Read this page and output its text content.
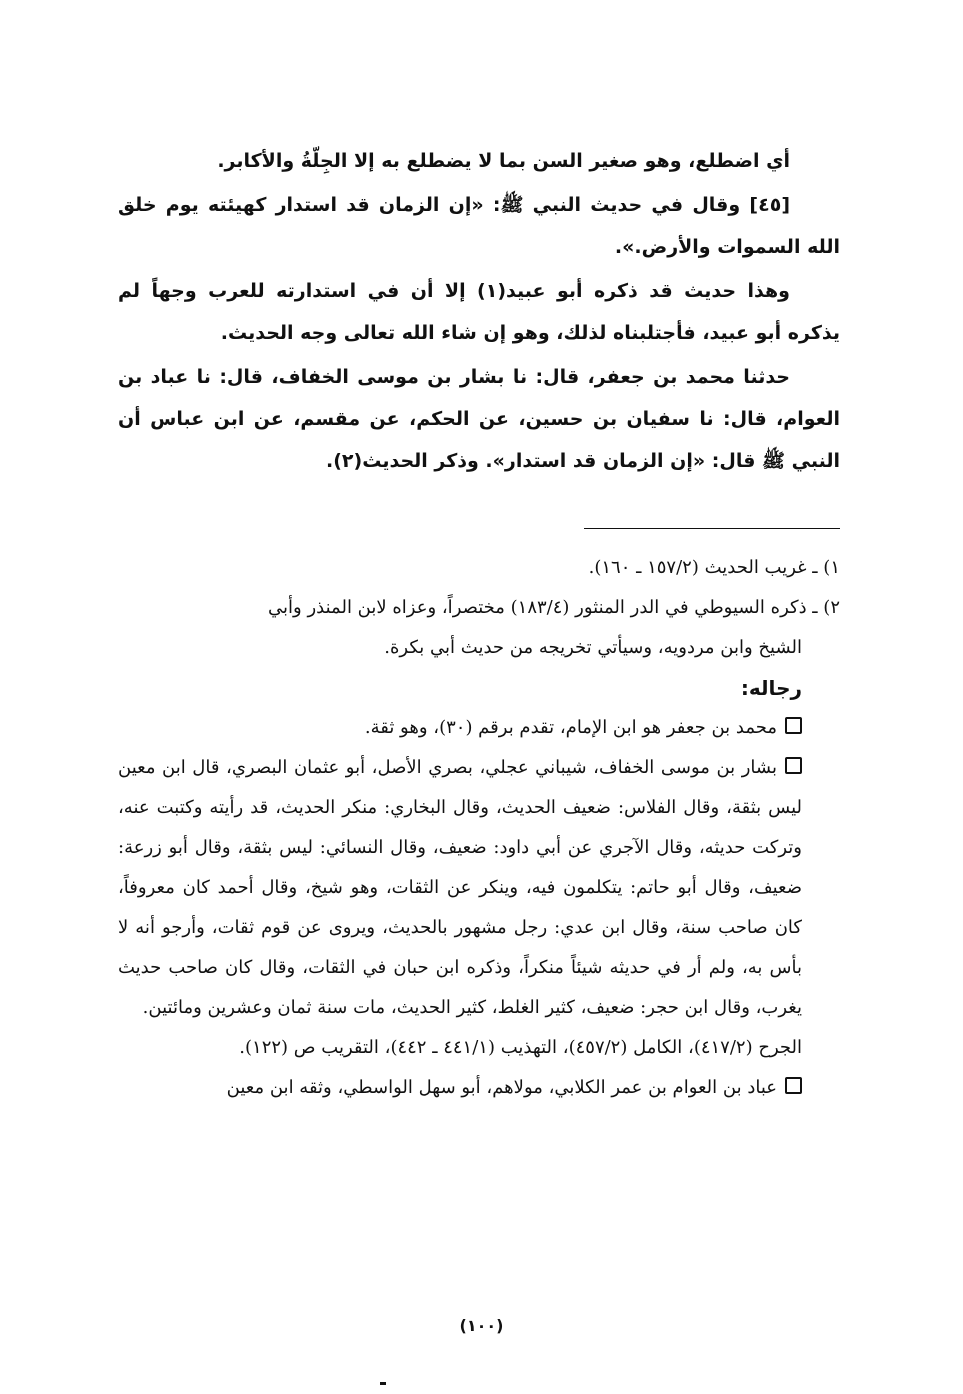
أي اضطلع، وهو صغير السن بما لا يضطلع به إلا الجِلّةُ والأكابر.

[٤٥] وقال في حديث النبي ﷺ: «إن الزمان قد استدار كهيئته يوم خلق الله السموات والأرض.».

وهذا حديث قد ذكره أبو عبيد(١) إلا أن في استدارته للعرب وجهاً لم يذكره أبو عبيد، فأجتلبناه لذلك، وهو إن شاء الله تعالى وجه الحديث.

حدثنا محمد بن جعفر، قال: نا بشار بن موسى الخفاف، قال: نا عباد بن العوام، قال: نا سفيان بن حسين، عن الحكم، عن مقسم، عن ابن عباس أن النبي ﷺ قال: «إن الزمان قد استدار». وذكر الحديث(٢).

١) ـ غريب الحديث (١٥٧/٢ ـ ١٦٠).

٢) ـ ذكره السيوطي في الدر المنثور (١٨٣/٤) مختصراً، وعزاه لابن المنذر وأبي

الشيخ وابن مردويه، وسيأتي تخريجه من حديث أبي بكرة.

رجاله:

محمد بن جعفر هو ابن الإمام، تقدم برقم (٣٠)، وهو ثقة.

بشار بن موسى الخفاف، شيباني عجلي، بصري الأصل، أبو عثمان البصري، قال ابن معين ليس بثقة، وقال الفلاس: ضعيف الحديث، وقال البخاري: منكر الحديث، قد رأيته وكتبت عنه، وتركت حديثه، وقال الآجري عن أبي داود: ضعيف، وقال النسائي: ليس بثقة، وقال أبو زرعة: ضعيف، وقال أبو حاتم: يتكلمون فيه، وينكر عن الثقات، وهو شيخ، وقال أحمد كان معروفاً، كان صاحب سنة، وقال ابن عدي: رجل مشهور بالحديث، ويروى عن قوم ثقات، وأرجو أنه لا بأس به، ولم أر في حديثه شيئاً منكراً، وذكره ابن حبان في الثقات، وقال كان صاحب حديث يغرب، وقال ابن حجر: ضعيف، كثير الغلط، كثير الحديث، مات سنة ثمان وعشرين ومائتين.

الجرح (٤١٧/٢)، الكامل (٤٥٧/٢)، التهذيب (٤٤١/١ ـ ٤٤٢)، التقريب ص (١٢٢).

عباد بن العوام بن عمر الكلابي، مولاهم، أبو سهل الواسطي، وثقه ابن معين

(١٠٠)
